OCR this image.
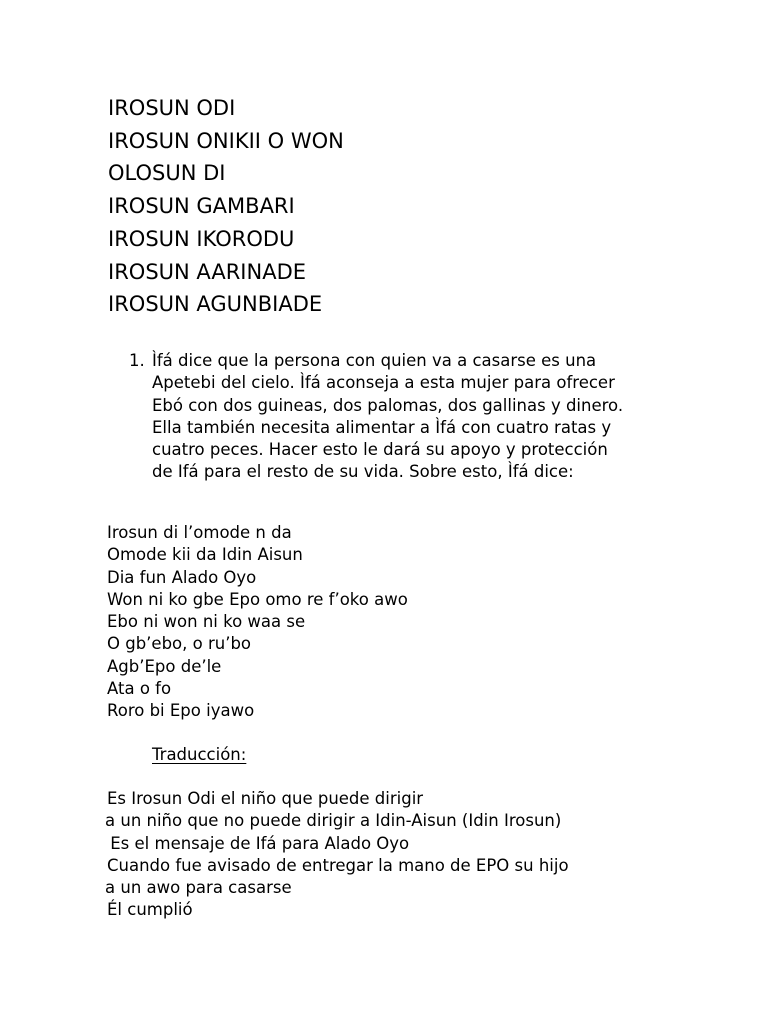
IROSUN ODI
IROSUN ONIKII O WON
OLOSUN DI
IROSUN GAMBARI
IROSUN IKORODU
IROSUN AARINADE
IROSUN AGUNBIADE
1. Ìfá dice que la persona con quien va a casarse es una
Apetebi del cielo. Ìfá aconseja a esta mujer para ofrecer
Ebó con dos guineas, dos palomas, dos gallinas y dinero.
Ella también necesita alimentar a Ìfá con cuatro ratas y
cuatro peces. Hacer esto le dará su apoyo y protección
de Ifá para el resto de su vida. Sobre esto, Ìfá dice:
Irosun di l’omode n da
Omode kii da Idin Aisun
Dia fun Alado Oyo
Won ni ko gbe Epo omo re f’oko awo
Ebo ni won ni ko waa se
O gb’ebo, o ru’bo
Agb’Epo de’le
Ata o fo
Roro bi Epo iyawo
Traducción:
Es Irosun Odi el niño que puede dirigir
a un niño que no puede dirigir a Idin-Aisun (Idin Irosun)
Es el mensaje de Ifá para Alado Oyo
Cuando fue avisado de entregar la mano de EPO su hijo
a un awo para casarse
Él cumplió
